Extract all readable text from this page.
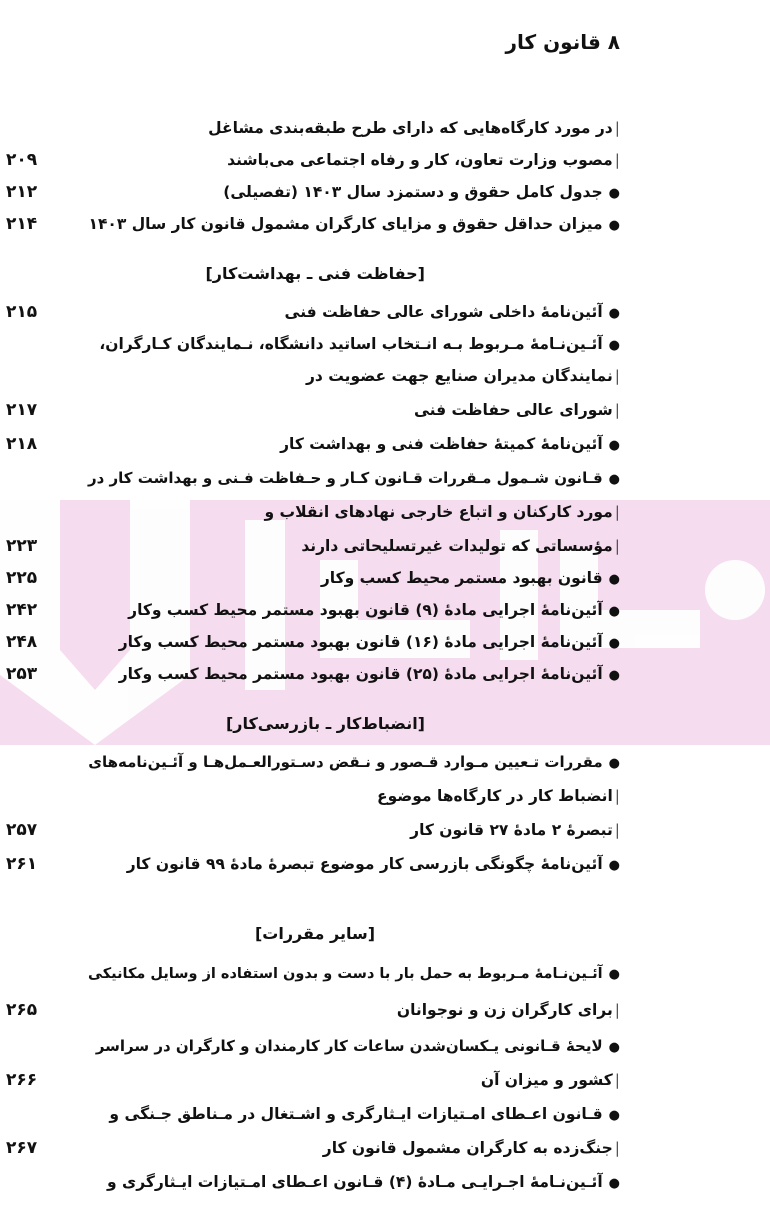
۸ قانون کار
| در مورد کارگاه‌هایی که دارای طرح طبقه‌بندی مشاغل
| مصوب وزارت تعاون، کار و رفاه اجتماعی می‌باشند
۲۰۹
● جدول کامل حقوق و دستمزد سال ۱۴۰۳ (تفصیلی)
۲۱۲
● میزان حداقل حقوق و مزایای کارگران مشمول قانون کار سال ۱۴۰۳
۲۱۴
[حفاظت فنی ـ بهداشت‌کار]
● آئین‌نامهٔ داخلی شورای عالی حفاظت فنی
۲۱۵
● آئـین‌نـامهٔ مـربوط بـه انـتخاب اساتید دانشگاه، نـمایندگان کـارگران،
| نمایندگان مدیران صنایع جهت عضویت در
| شورای عالی حفاظت فنی
۲۱۷
● آئین‌نامهٔ کمیتهٔ حفاظت فنی و بهداشت کار
۲۱۸
● قـانون شـمول مـقررات قـانون کـار و حـفاظت فـنی و بهداشت کار در
| مورد کارکنان و اتباع خارجی نهادهای انقلاب و
| مؤسساتی که تولیدات غیرتسلیحاتی دارند
۲۲۳
● قانون بهبود مستمر محیط کسب وکار
۲۲۵
● آئین‌نامهٔ اجرایی مادهٔ (۹) قانون بهبود مستمر محیط کسب وکار
۲۴۲
● آئین‌نامهٔ اجرایی مادهٔ (۱۶) قانون بهبود مستمر محیط کسب وکار
۲۴۸
● آئین‌نامهٔ اجرایی مادهٔ (۲۵) قانون بهبود مستمر محیط کسب وکار
۲۵۳
[انضباط‌کار ـ بازرسی‌کار]
● مقررات تـعیین مـوارد قـصور و نـقض دسـتورالعـمل‌هـا و آئـین‌نامه‌های
| انضباط کار در کارگاه‌ها موضوع
| تبصرهٔ ۲ مادهٔ ۲۷ قانون کار
۲۵۷
● آئین‌نامهٔ چگونگی بازرسی کار موضوع تبصرهٔ مادهٔ ۹۹ قانون کار
۲۶۱
[سایر مقررات]
● آئـین‌نـامهٔ مـربوط به حمل بار با دست و بدون استفاده از وسایل مکانیکی
| برای کارگران زن و نوجوانان
۲۶۵
● لایحهٔ قـانونی یـکسان‌شدن ساعات کار کارمندان و کارگران در سراسر
| کشور و میزان آن
۲۶۶
● قـانون اعـطای امـتیازات ایـثارگری و اشـتغال در مـناطق جـنگی و
| جنگ‌زده به کارگران مشمول قانون کار
۲۶۷
● آئـین‌نـامهٔ اجـرایـی مـادهٔ (۴) قـانون اعـطای امـتیازات ایـثارگری و
